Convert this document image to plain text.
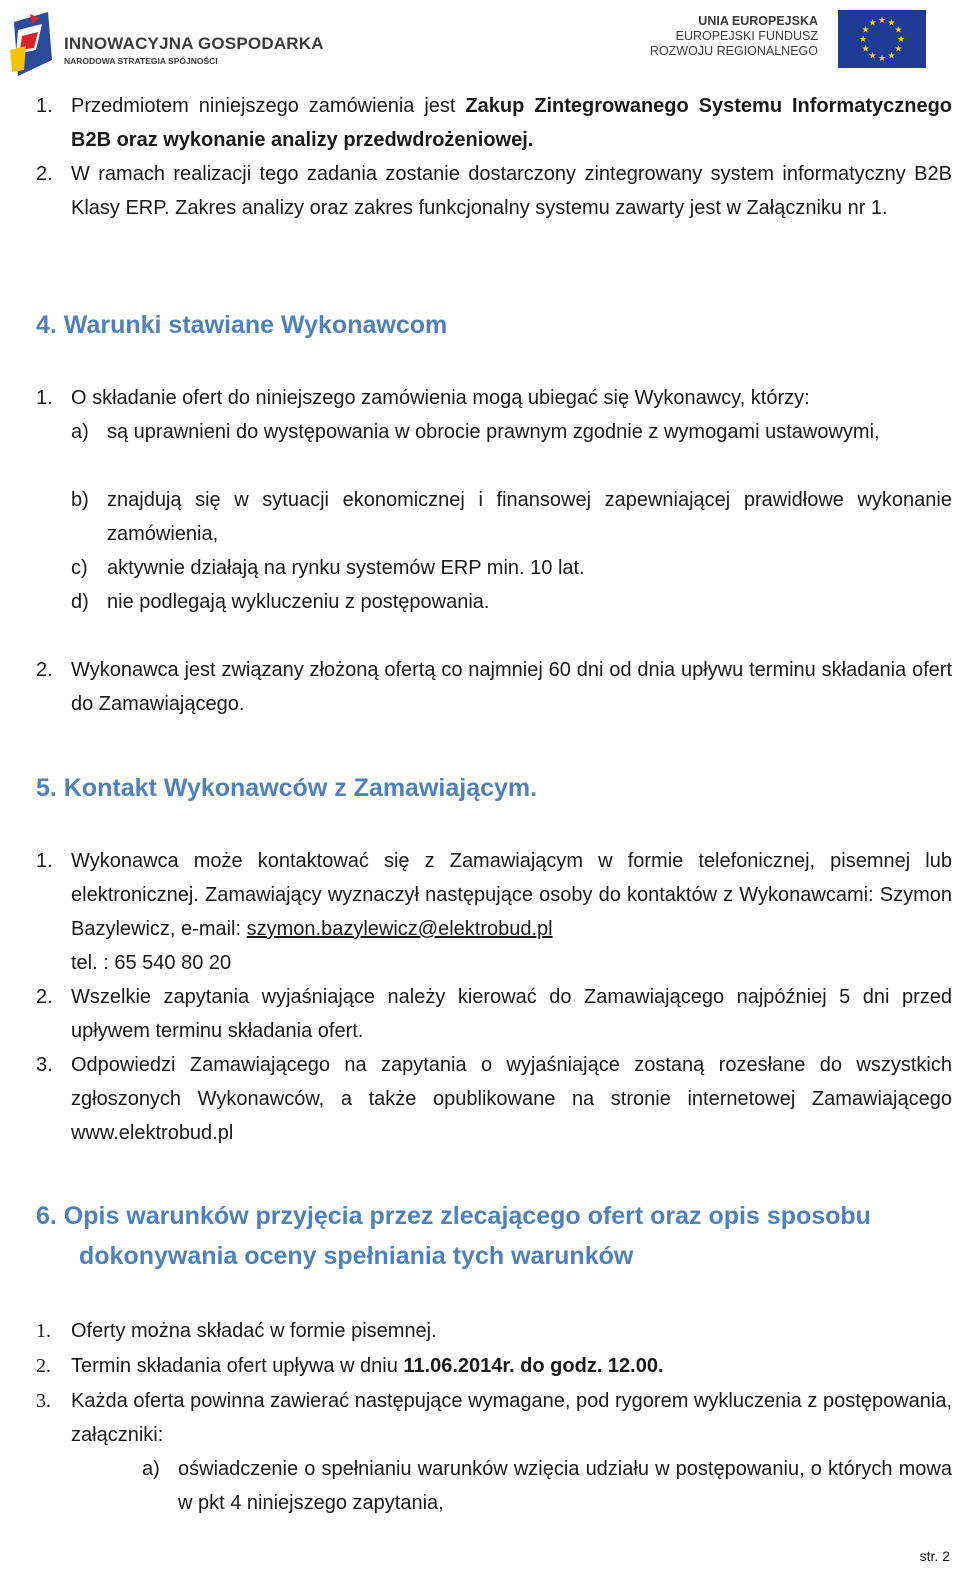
INNOWACYJNA GOSPODARKA
NARODOWA STRATEGIA SPÓJNOŚCI
UNIA EUROPEJSKA
EUROPEJSKI FUNDUSZ
ROZWOJU REGIONALNEGO
★ ★
★
★
★
★
★
★
★
★
★
★
1. Przedmiotem niniejszego zamówienia jest Zakup Zintegrowanego Systemu Informatycznego B2B oraz wykonanie analizy przedwdrożeniowej.
2. W ramach realizacji tego zadania zostanie dostarczony zintegrowany system informatyczny B2B Klasy ERP. Zakres analizy oraz zakres funkcjonalny systemu zawarty jest w Załączniku nr 1.
4. Warunki stawiane Wykonawcom
1. O składanie ofert do niniejszego zamówienia mogą ubiegać się Wykonawcy, którzy:
a) są uprawnieni do występowania w obrocie prawnym zgodnie z wymogami ustawowymi,
b) znajdują się w sytuacji ekonomicznej i finansowej zapewniającej prawidłowe wykonanie zamówienia,
c) aktywnie działają na rynku systemów ERP min. 10 lat.
d) nie podlegają wykluczeniu z postępowania.
2. Wykonawca jest związany złożoną ofertą co najmniej 60 dni od dnia upływu terminu składania ofert do Zamawiającego.
5. Kontakt Wykonawców z Zamawiającym.
1. Wykonawca może kontaktować się z Zamawiającym w formie telefonicznej, pisemnej lub elektronicznej. Zamawiający wyznaczył następujące osoby do kontaktów z Wykonawcami: Szymon Bazylewicz, e-mail: szymon.bazylewicz@elektrobud.pl
tel. : 65 540 80 20
2. Wszelkie zapytania wyjaśniające należy kierować do Zamawiającego najpóźniej 5 dni przed upływem terminu składania ofert.
3. Odpowiedzi Zamawiającego na zapytania o wyjaśniające zostaną rozesłane do wszystkich zgłoszonych Wykonawców, a także opublikowane na stronie internetowej Zamawiającego www.elektrobud.pl
6. Opis warunków przyjęcia przez zlecającego ofert oraz opis sposobu
dokonywania oceny spełniania tych warunków
1. Oferty można składać w formie pisemnej.
2. Termin składania ofert upływa w dniu 11.06.2014r. do godz. 12.00.
3. Każda oferta powinna zawierać następujące wymagane, pod rygorem wykluczenia z postępowania, załączniki:
a) oświadczenie o spełnianiu warunków wzięcia udziału w postępowaniu, o których mowa w pkt 4 niniejszego zapytania,
str. 2
